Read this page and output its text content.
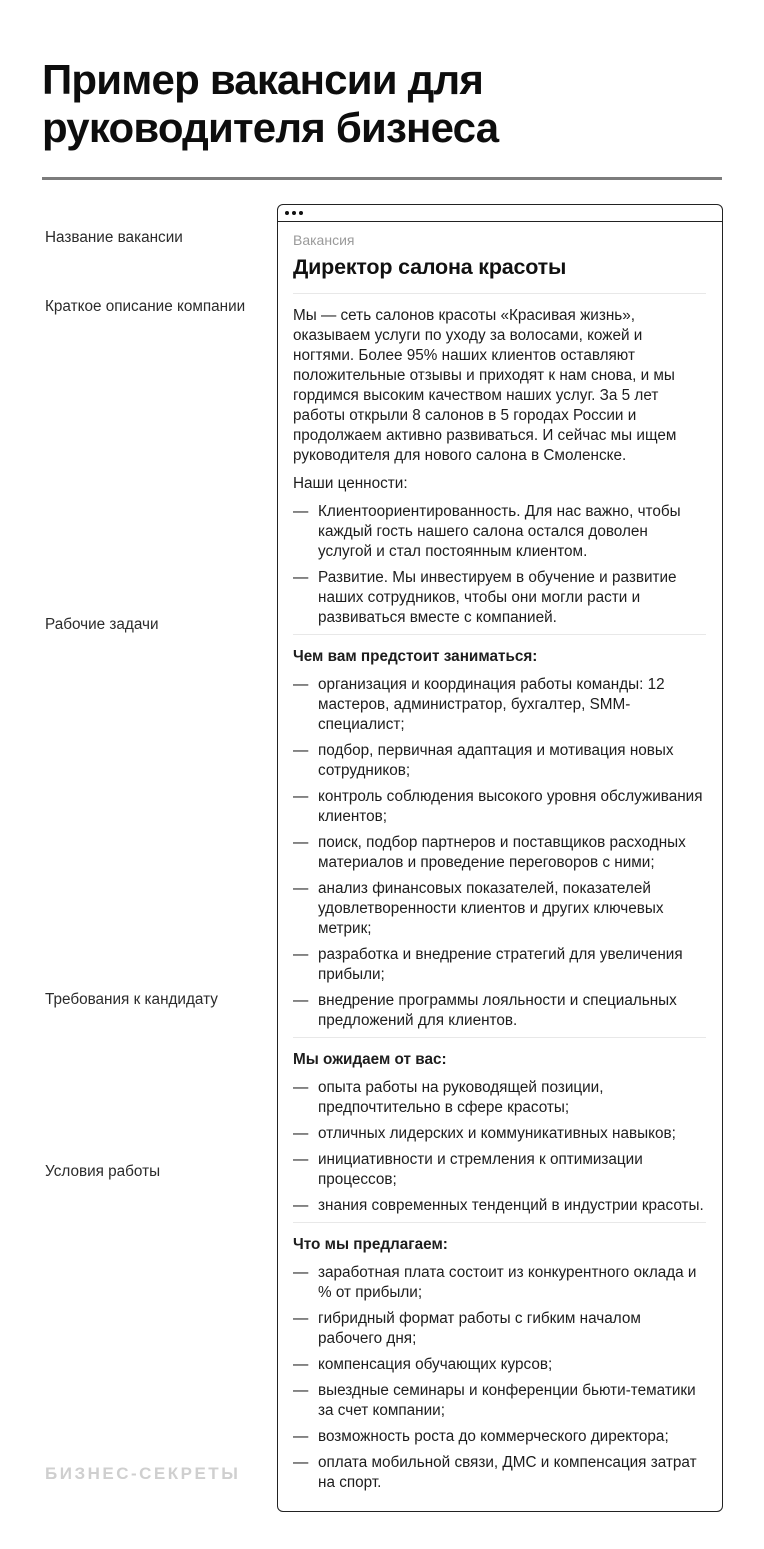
Пример вакансии для руководителя бизнеса
Название вакансии
Краткое описание компании
Рабочие задачи
Требования к кандидату
Условия работы
Вакансия
Директор салона красоты

Мы — сеть салонов красоты «Красивая жизнь», оказываем услуги по уходу за волосами, кожей и ногтями. Более 95% наших клиентов оставляют положительные отзывы и приходят к нам снова, и мы гордимся высоким качеством наших услуг. За 5 лет работы открыли 8 салонов в 5 городах России и продолжаем активно развиваться. И сейчас мы ищем руководителя для нового салона в Смоленске.

Наши ценности:

— Клиентоориентированность. Для нас важно, чтобы каждый гость нашего салона остался доволен услугой и стал постоянным клиентом.
— Развитие. Мы инвестируем в обучение и развитие наших сотрудников, чтобы они могли расти и развиваться вместе с компанией.
Чем вам предстоит заниматься:
— организация и координация работы команды: 12 мастеров, администратор, бухгалтер, SMM-специалист;
— подбор, первичная адаптация и мотивация новых сотрудников;
— контроль соблюдения высокого уровня обслуживания клиентов;
— поиск, подбор партнеров и поставщиков расходных материалов и проведение переговоров с ними;
— анализ финансовых показателей, показателей удовлетворенности клиентов и других ключевых метрик;
— разработка и внедрение стратегий для увеличения прибыли;
— внедрение программы лояльности и специальных предложений для клиентов.
Мы ожидаем от вас:
— опыта работы на руководящей позиции, предпочтительно в сфере красоты;
— отличных лидерских и коммуникативных навыков;
— инициативности и стремления к оптимизации процессов;
— знания современных тенденций в индустрии красоты.
Что мы предлагаем:
— заработная плата состоит из конкурентного оклада и % от прибыли;
— гибридный формат работы с гибким началом рабочего дня;
— компенсация обучающих курсов;
— выездные семинары и конференции бьюти-тематики за счет компании;
— возможность роста до коммерческого директора;
— оплата мобильной связи, ДМС и компенсация затрат на спорт.
БИЗНЕС-СЕКРЕТЫ
